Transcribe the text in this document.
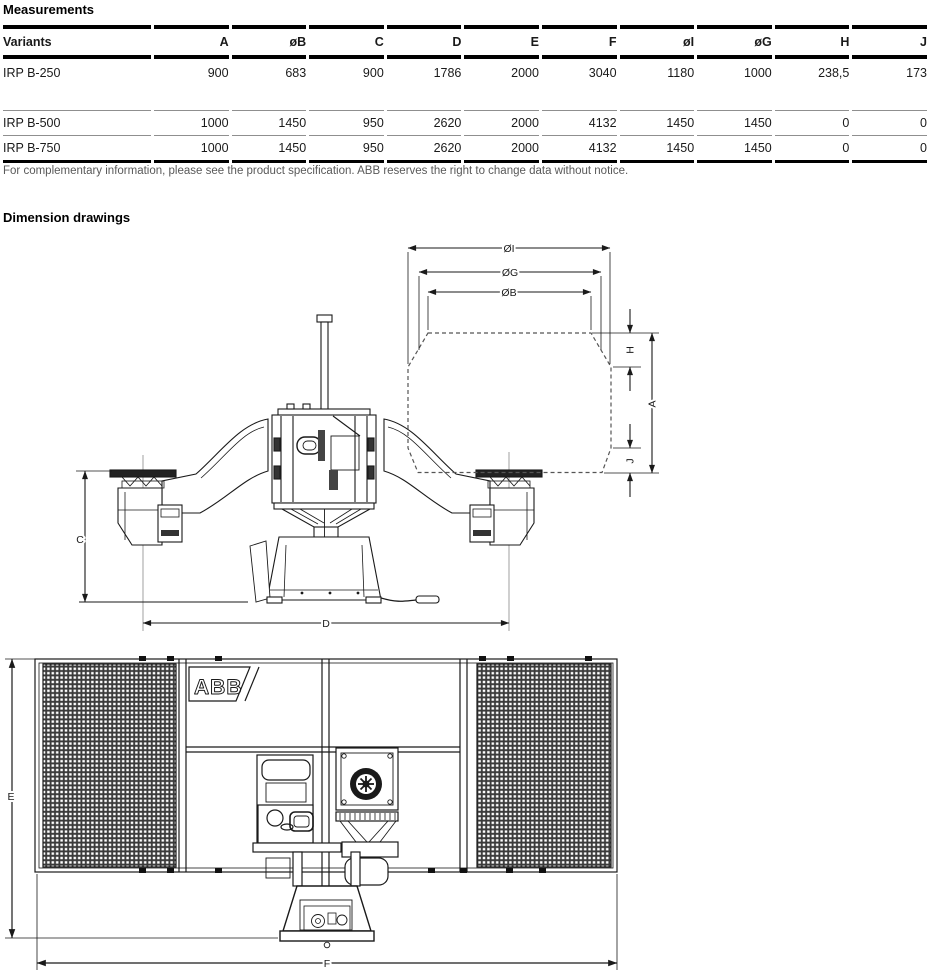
Measurements
Variants	A	øB	C	D	E	F	øI	øG	H	J
IRP B-250	900	683	900	1786	2000	3040	1180	1000	238,5	173

IRP B-500	1000	1450	950	2620	2000	4132	1450	1450	0	0
IRP B-750	1000	1450	950	2620	2000	4132	1450	1450	0	0
For complementary information, please see the product specification. ABB reserves the right to change data without notice.
Dimension drawings
ØI
ØG
ØB
H
A
J
C
D
ABB
E
F
